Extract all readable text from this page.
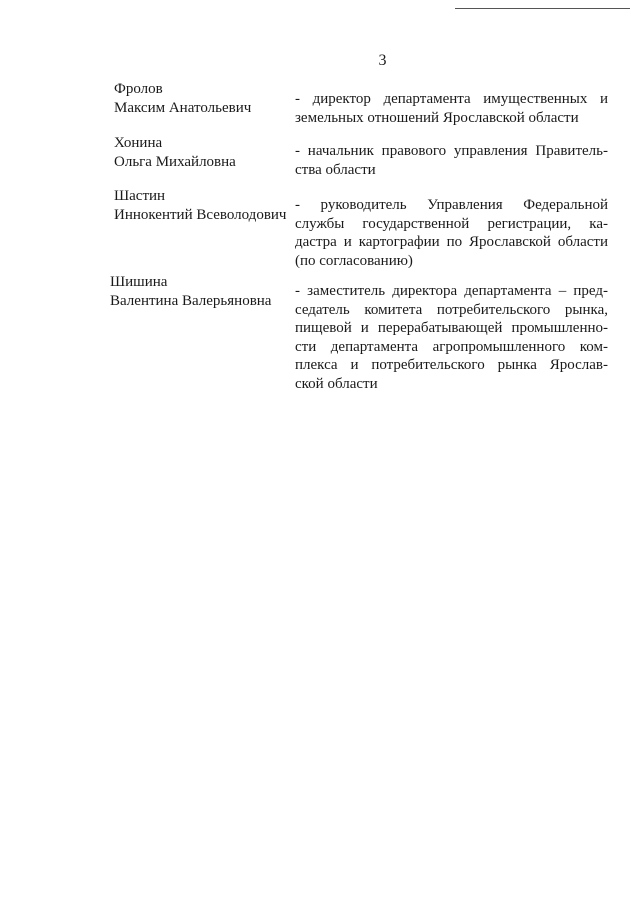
3
Фролов
Максим Анатольевич
- директор департамента имущественных и
земельных отношений Ярославской области
Хонина
Ольга Михайловна
- начальник правового управления Правитель-
ства области
Шастин
Иннокентий Всеволодович
- руководитель Управления Федеральной
службы государственной регистрации, ка-
дастра и картографии по Ярославской области
(по согласованию)
Шишина
Валентина Валерьяновна
- заместитель директора департамента – пред-
седатель комитета потребительского рынка,
пищевой и перерабатывающей промышленно-
сти департамента агропромышленного ком-
плекса и потребительского рынка Ярослав-
ской области
